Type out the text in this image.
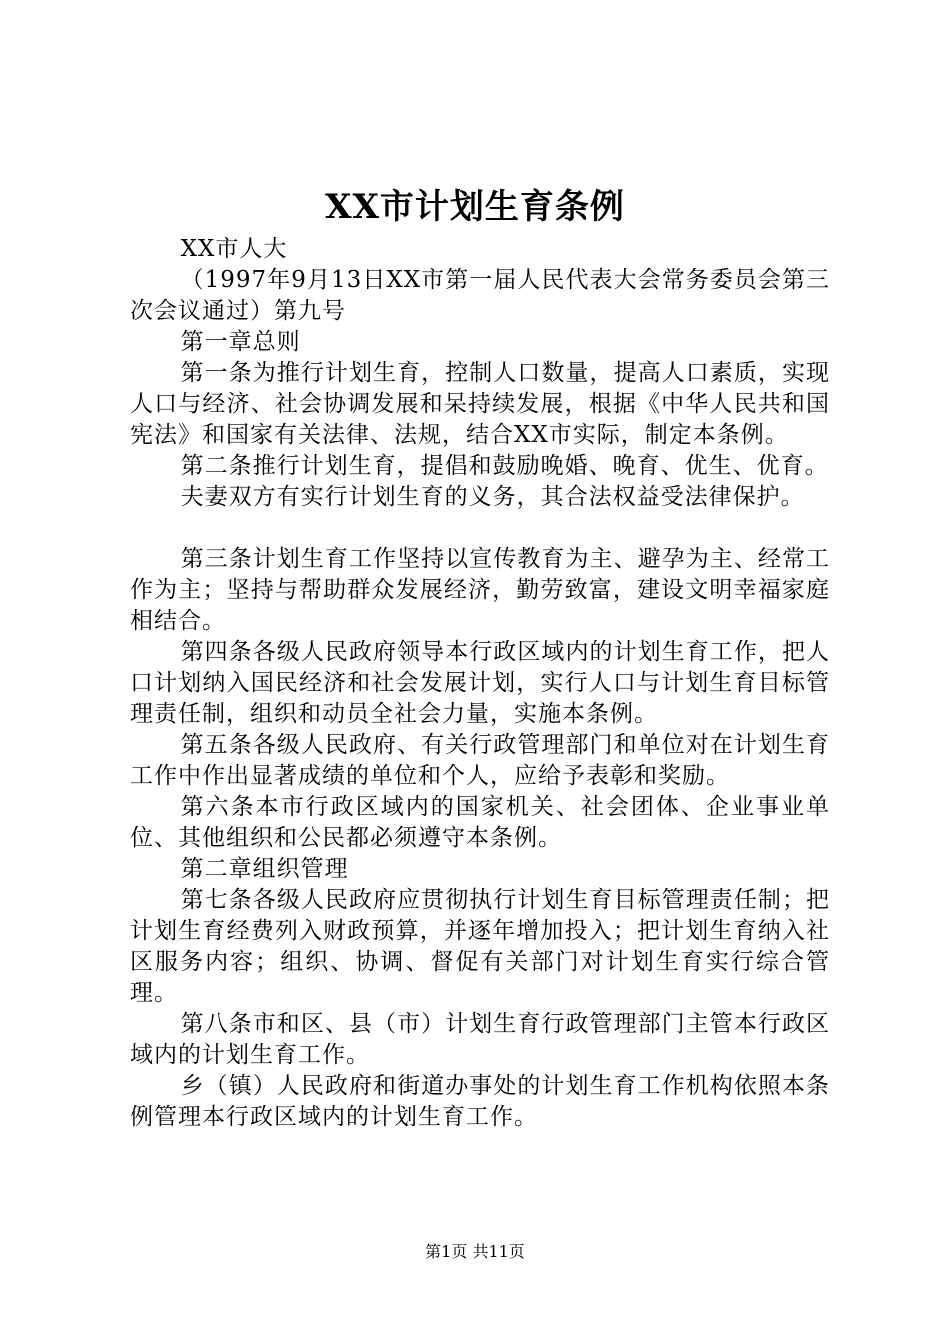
XX市计划生育条例

XX市人大

（1997年9月13日XX市第一届人民代表大会常务委员会第三次会议通过）第九号

第一章总则

第一条为推行计划生育，控制人口数量，提高人口素质，实现人口与经济、社会协调发展和呆持续发展，根据《中华人民共和国宪法》和国家有关法律、法规，结合XX市实际，制定本条例。

第二条推行计划生育，提倡和鼓励晚婚、晚育、优生、优育。

夫妻双方有实行计划生育的义务，其合法权益受法律保护。

第三条计划生育工作坚持以宣传教育为主、避孕为主、经常工作为主；坚持与帮助群众发展经济，勤劳致富，建设文明幸福家庭相结合。

第四条各级人民政府领导本行政区域内的计划生育工作，把人口计划纳入国民经济和社会发展计划，实行人口与计划生育目标管理责任制，组织和动员全社会力量，实施本条例。

第五条各级人民政府、有关行政管理部门和单位对在计划生育工作中作出显著成绩的单位和个人，应给予表彰和奖励。

第六条本市行政区域内的国家机关、社会团体、企业事业单位、其他组织和公民都必须遵守本条例。

第二章组织管理

第七条各级人民政府应贯彻执行计划生育目标管理责任制；把计划生育经费列入财政预算，并逐年增加投入；把计划生育纳入社区服务内容；组织、协调、督促有关部门对计划生育实行综合管理。

第八条市和区、县（市）计划生育行政管理部门主管本行政区域内的计划生育工作。

乡（镇）人民政府和街道办事处的计划生育工作机构依照本条例管理本行政区域内的计划生育工作。

第1页 共11页
